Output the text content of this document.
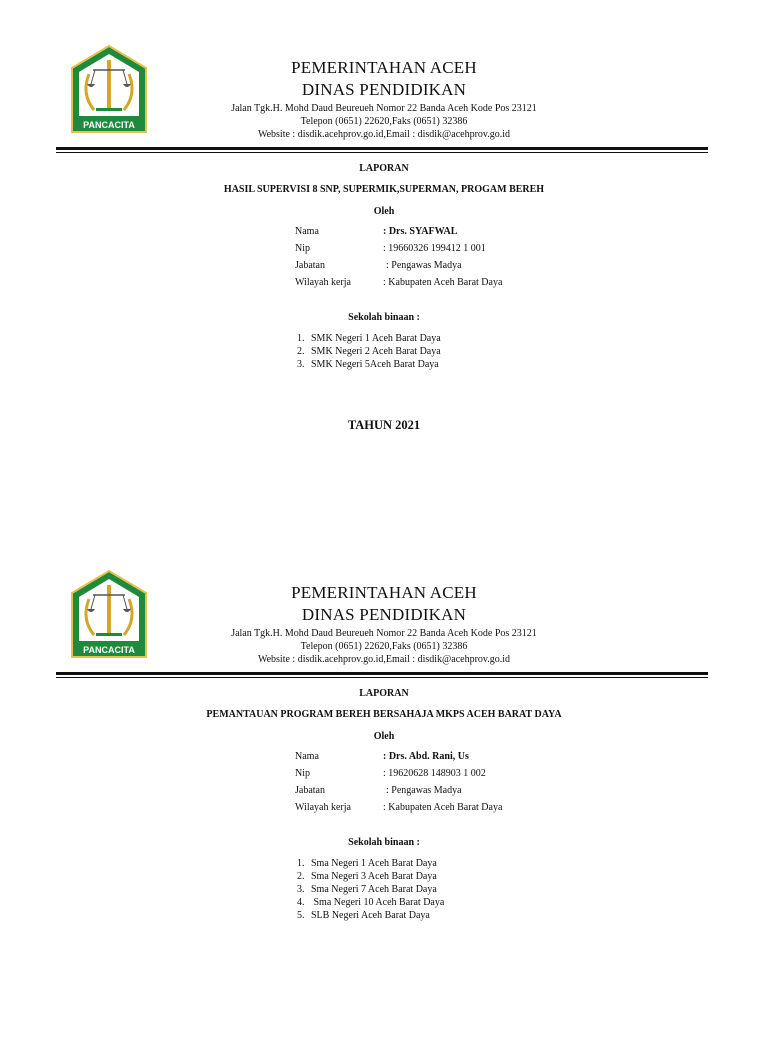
PANCACITA
PEMERINTAHAN ACEH
DINAS PENDIDIKAN
Jalan Tgk.H. Mohd Daud Beureueh Nomor 22 Banda Aceh Kode Pos 23121
Telepon (0651) 22620,Faks (0651) 32386
Website : disdik.acehprov.go.id,Email : disdik@acehprov.go.id
LAPORAN
HASIL SUPERVISI 8 SNP, SUPERMIK,SUPERMAN, PROGAM BEREH
Oleh
Nama	: Drs. SYAFWAL
Nip	: 19660326 199412 1 001
Jabatan	: Pengawas Madya
Wilayah kerja	: Kabupaten Aceh Barat Daya
Sekolah binaan :
1. SMK Negeri 1 Aceh Barat Daya
2. SMK Negeri 2 Aceh Barat Daya
3. SMK Negeri 5Aceh Barat Daya
TAHUN 2021
PANCACITA
PEMERINTAHAN ACEH
DINAS PENDIDIKAN
Jalan Tgk.H. Mohd Daud Beureueh Nomor 22 Banda Aceh Kode Pos 23121
Telepon (0651) 22620,Faks (0651) 32386
Website : disdik.acehprov.go.id,Email : disdik@acehprov.go.id
LAPORAN
PEMANTAUAN PROGRAM BEREH BERSAHAJA MKPS ACEH BARAT DAYA
Oleh
Nama	: Drs. Abd. Rani, Us
Nip	: 19620628 148903 1 002
Jabatan	: Pengawas Madya
Wilayah kerja	: Kabupaten Aceh Barat Daya
Sekolah binaan :
1. Sma Negeri 1 Aceh Barat Daya
2. Sma Negeri 3 Aceh Barat Daya
3. Sma Negeri 7 Aceh Barat Daya
4. Sma Negeri 10 Aceh Barat Daya
5. SLB Negeri Aceh Barat Daya
